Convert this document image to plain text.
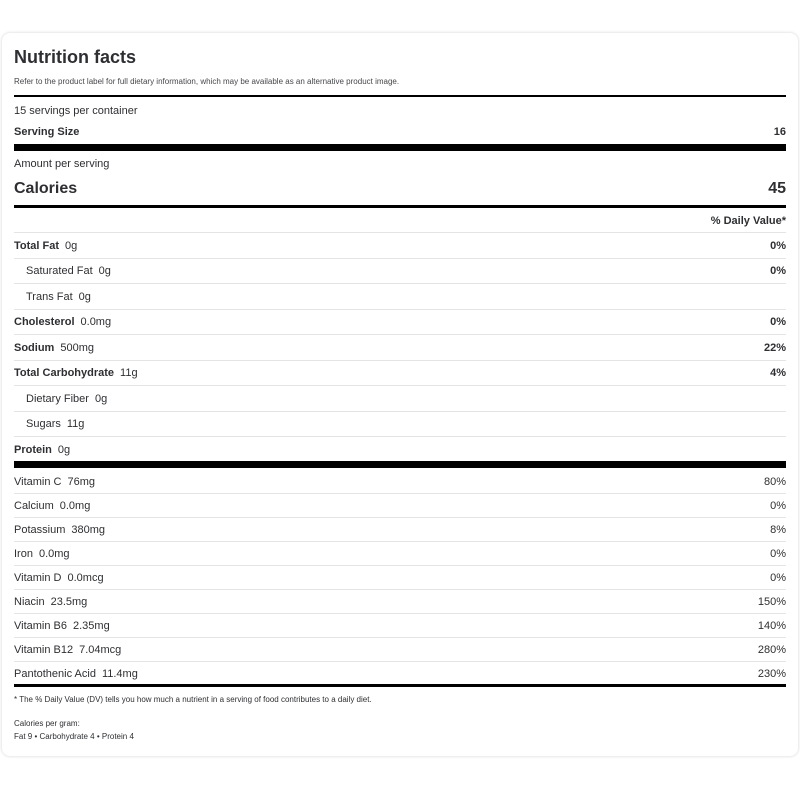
Nutrition facts
Refer to the product label for full dietary information, which may be available as an alternative product image.
15 servings per container
Serving Size	16
Amount per serving
Calories	45
% Daily Value*
Total Fat 0g	0%
Saturated Fat 0g	0%
Trans Fat 0g
Cholesterol 0.0mg	0%
Sodium 500mg	22%
Total Carbohydrate 11g	4%
Dietary Fiber 0g
Sugars 11g
Protein 0g
Vitamin C 76mg	80%
Calcium 0.0mg	0%
Potassium 380mg	8%
Iron 0.0mg	0%
Vitamin D 0.0mcg	0%
Niacin 23.5mg	150%
Vitamin B6 2.35mg	140%
Vitamin B12 7.04mcg	280%
Pantothenic Acid 11.4mg	230%
* The % Daily Value (DV) tells you how much a nutrient in a serving of food contributes to a daily diet.
Calories per gram:
Fat 9 • Carbohydrate 4 • Protein 4
